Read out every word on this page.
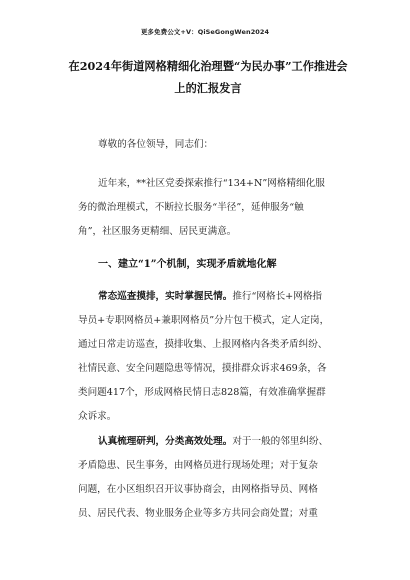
更多免费公文+V：QiSeGongWen2024
在2024年街道网格精细化治理暨“为民办事”工作推进会
上的汇报发言

尊敬的各位领导，同志们：

近年来，**社区党委探索推行“134+N”网格精细化服
务的微治理模式，不断拉长服务“半径”，延伸服务“触
角”，社区服务更精细、居民更满意。

一、建立“1”个机制，实现矛盾就地化解

常态巡查摸排，实时掌握民情。推行“网格长+网格指
导员+专职网格员+兼职网格员”分片包干模式，定人定岗，
通过日常走访巡查，摸排收集、上报网格内各类矛盾纠纷、
社情民意、安全问题隐患等情况，摸排群众诉求469条，各
类问题417个，形成网格民情日志828篇，有效准确掌握群
众诉求。

认真梳理研判，分类高效处理。对于一般的邻里纠纷、
矛盾隐患、民生事务，由网格员进行现场处理；对于复杂
问题，在小区组织召开议事协商会，由网格指导员、网格
员、居民代表、物业服务企业等多方共同会商处置；对重
